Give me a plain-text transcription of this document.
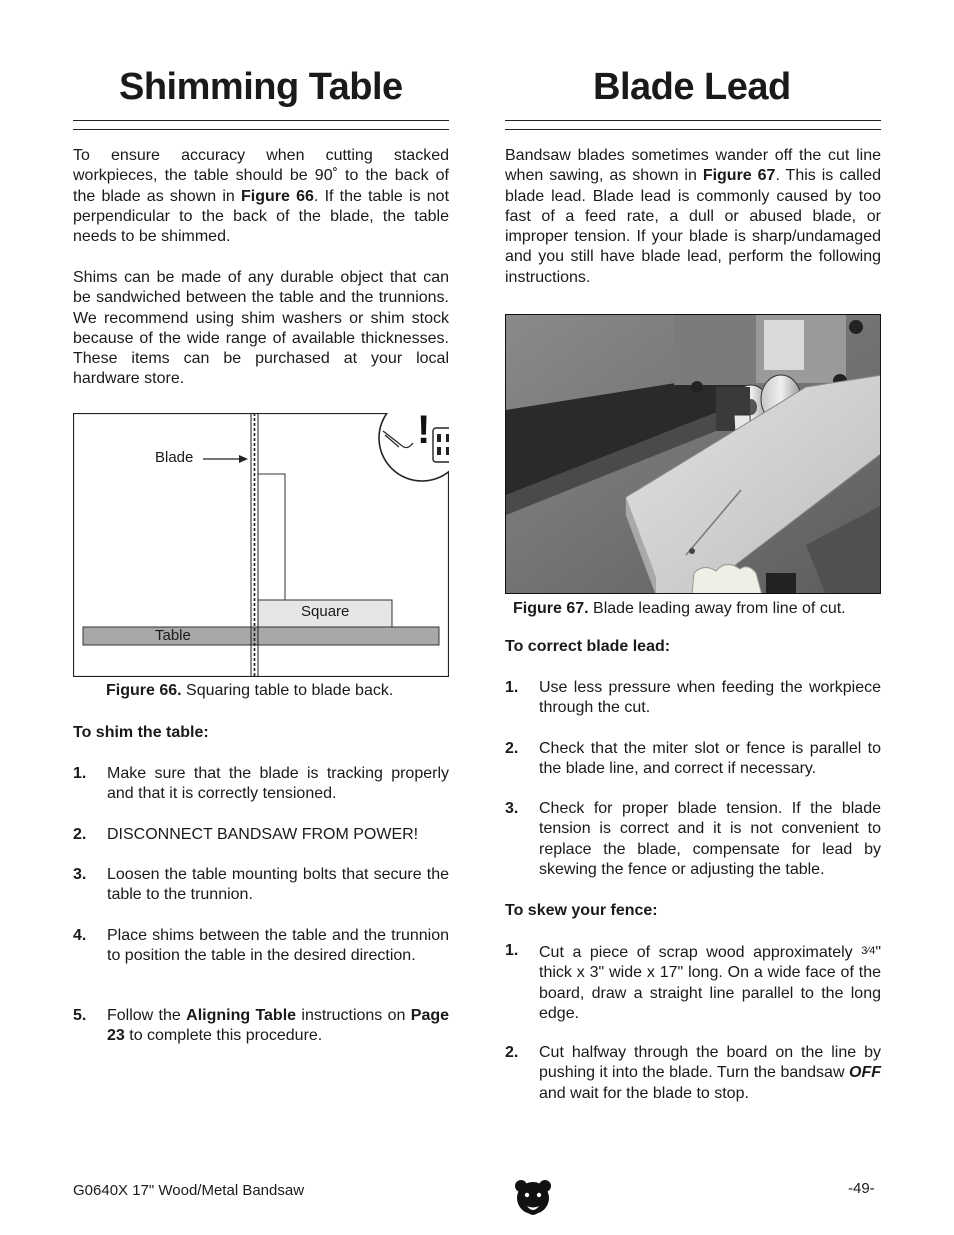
Shimming Table

To ensure accuracy when cutting stacked workpieces, the table should be 90˚ to the back of the blade as shown in Figure 66. If the table is not perpendicular to the back of the blade, the table needs to be shimmed.

Shims can be made of any durable object that can be sandwiched between the table and the trunnions. We recommend using shim washers or shim stock because of the wide range of available thicknesses. These items can be purchased at your local hardware store.

Figure 66. Squaring table to blade back.

To shim the table:

1. Make sure that the blade is tracking properly and that it is correctly tensioned.
2. DISCONNECT BANDSAW FROM POWER!
3. Loosen the table mounting bolts that secure the table to the trunnion.
4. Place shims between the table and the trunnion to position the table in the desired direction.
5. Follow the Aligning Table instructions on Page 23 to complete this procedure.
!
Blade
Square
Table
Blade Lead

Bandsaw blades sometimes wander off the cut line when sawing, as shown in Figure 67. This is called blade lead. Blade lead is commonly caused by too fast of a feed rate, a dull or abused blade, or improper tension. If your blade is sharp/undamaged and you still have blade lead, perform the following instructions.

Figure 67. Blade leading away from line of cut.

To correct blade lead:

1. Use less pressure when feeding the workpiece through the cut.
2. Check that the miter slot or fence is parallel to the blade line, and correct if necessary.
3. Check for proper blade tension. If the blade tension is correct and it is not convenient to replace the blade, compensate for lead by skewing the fence or adjusting the table.

To skew your fence:

1. Cut a piece of scrap wood approximately 3⁄4" thick x 3" wide x 17" long. On a wide face of the board, draw a straight line parallel to the long edge.
2. Cut halfway through the board on the line by pushing it into the blade. Turn the bandsaw OFF and wait for the blade to stop.
G0640X 17" Wood/Metal Bandsaw	-49-
